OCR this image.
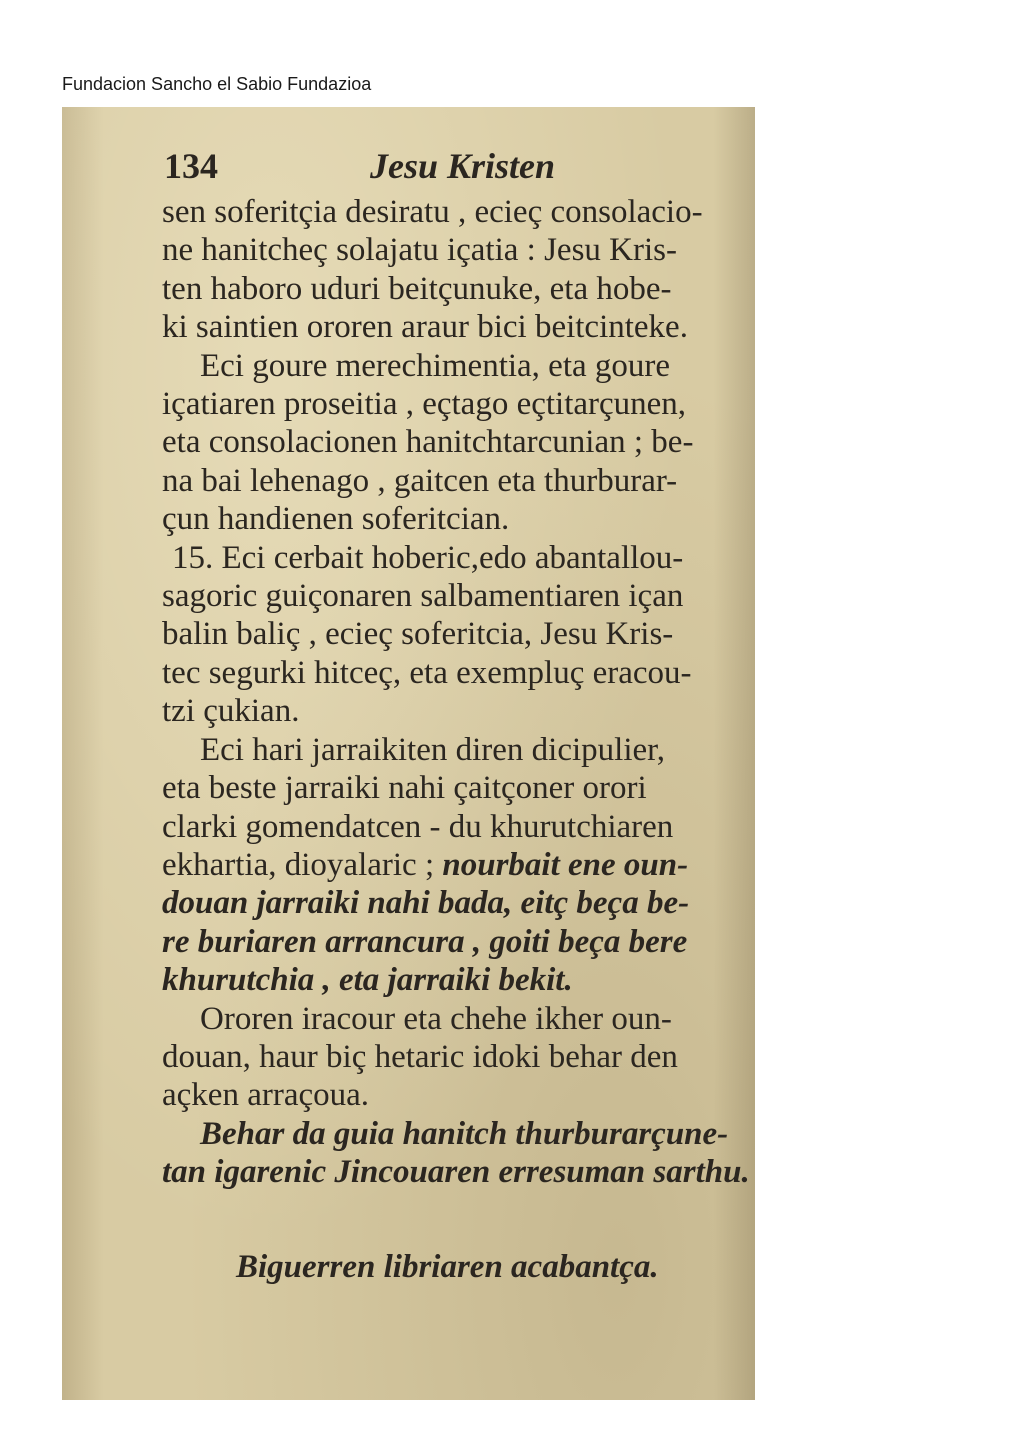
Fundacion Sancho el Sabio Fundazioa
134	Jesu Kristen
sen soferitçia desiratu , ecieç consolacio-
ne hanitcheç solajatu içatia : Jesu Kris-
ten haboro uduri beitçunuke, eta hobe-
ki saintien ororen araur bici beitcinteke.
Eci goure merechimentia, eta goure
içatiaren proseitia , eçtago eçtitarçunen,
eta consolacionen hanitchtarcunian ; be-
na bai lehenago , gaitcen eta thurburar-
çun handienen soferitcian.
15. Eci cerbait hoberic,edo abantallou-
sagoric guiçonaren salbamentiaren içan
balin baliç , ecieç soferitcia, Jesu Kris-
tec segurki hitceç, eta exempluç eracou-
tzi çukian.
Eci hari jarraikiten diren dicipulier,
eta beste jarraiki nahi çaitçoner orori
clarki gomendatcen - du khurutchiaren
ekhartia, dioyalaric ; nourbait ene oun-
douan jarraiki nahi bada, eitç beça be-
re buriaren arrancura , goiti beça bere
khurutchia , eta jarraiki bekit.
Ororen iracour eta chehe ikher oun-
douan, haur biç hetaric idoki behar den
açken arraçoua.
Behar da guia hanitch thurburarçune-
tan igarenic Jincouaren erresuman sarthu.
Biguerren libriaren acabantça.
